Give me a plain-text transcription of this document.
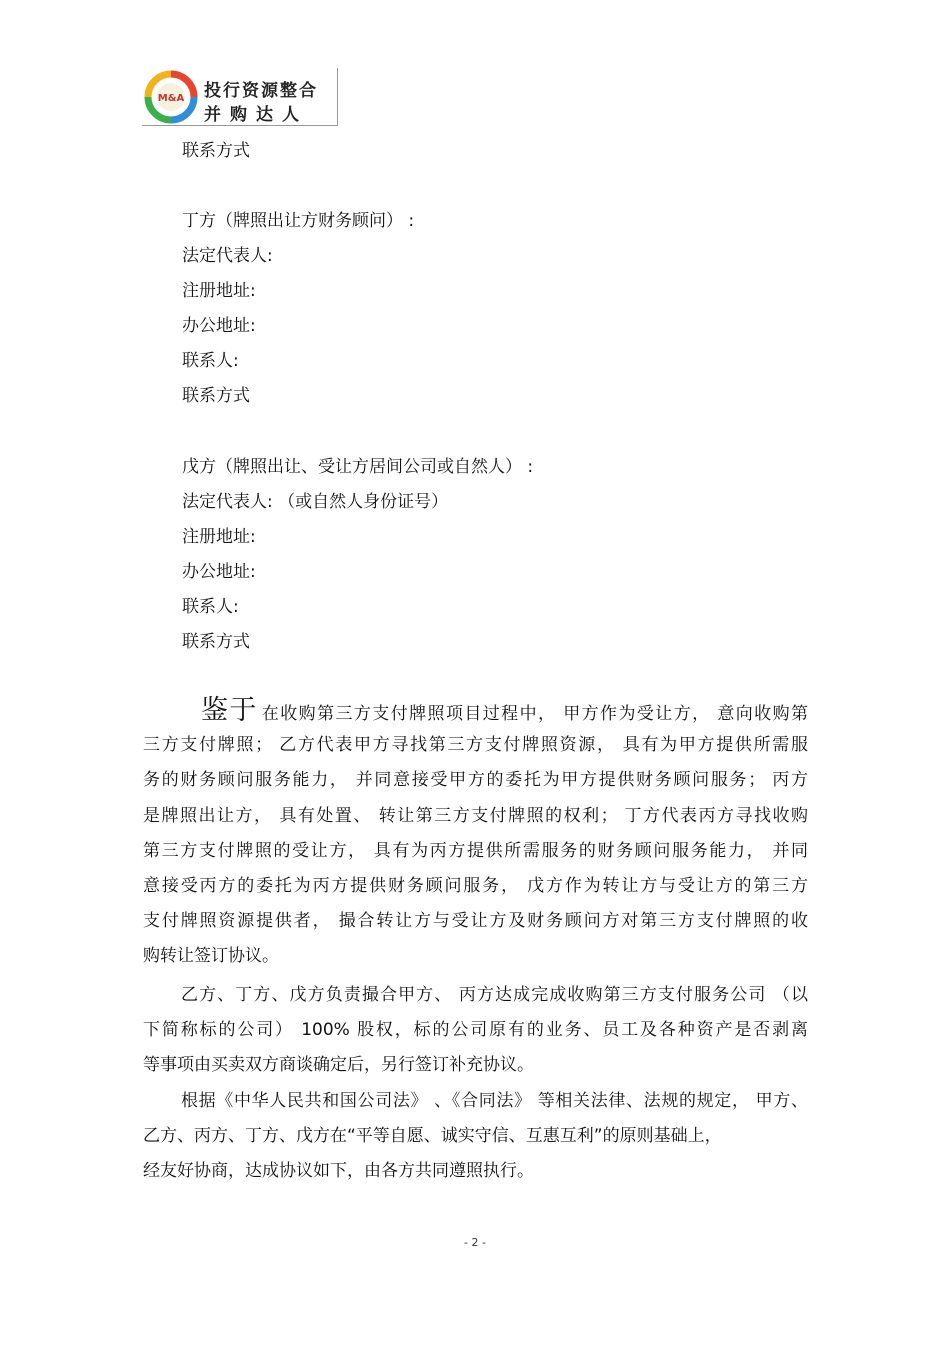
M&A 投行资源整合
并购达人
联系方式
丁方（牌照出让方财务顾问） :
法定代表人:
注册地址:
办公地址:
联系人:
联系方式
戊方（牌照出让、受让方居间公司或自然人） :
法定代表人: （或自然人身份证号）
注册地址:
办公地址:
联系人:
联系方式
鉴于 在收购第三方支付牌照项目过程中， 甲方作为受让方， 意向收购第
三方支付牌照； 乙方代表甲方寻找第三方支付牌照资源， 具有为甲方提供所需服
务的财务顾问服务能力， 并同意接受甲方的委托为甲方提供财务顾问服务； 丙方
是牌照出让方， 具有处置、 转让第三方支付牌照的权利； 丁方代表丙方寻找收购
第三方支付牌照的受让方， 具有为丙方提供所需服务的财务顾问服务能力， 并同
意接受丙方的委托为丙方提供财务顾问服务， 戊方作为转让方与受让方的第三方
支付牌照资源提供者， 撮合转让方与受让方及财务顾问方对第三方支付牌照的收
购转让签订协议。
乙方、丁方、戊方负责撮合甲方、 丙方达成完成收购第三方支付服务公司 （以
下简称标的公司） 100% 股权，标的公司原有的业务、员工及各种资产是否剥离
等事项由买卖双方商谈确定后，另行签订补充协议。
根据《中华人民共和国公司法》 、《合同法》 等相关法律、法规的规定， 甲方、
乙方、丙方、丁方、戊方在“平等自愿、诚实守信、互惠互利”的原则基础上，
经友好协商，达成协议如下，由各方共同遵照执行。
- 2 -
